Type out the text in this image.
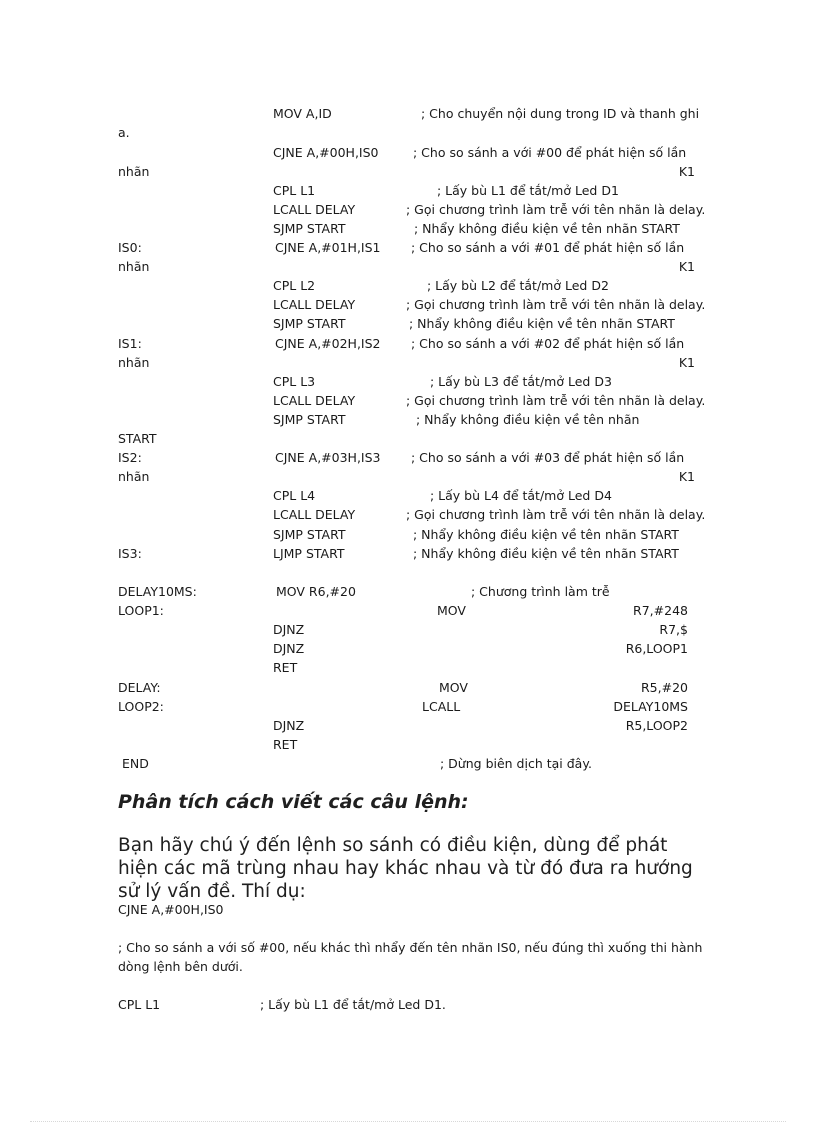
MOV A,ID	; Cho chuyển nội dung trong ID và thanh ghi
a.
CJNE A,#00H,IS0	; Cho so sánh a với #00 để phát hiện số lần
nhãn	K1
CPL L1	; Lấy bù L1 để tắt/mở Led D1
LCALL DELAY	; Gọi chương trình làm trễ với tên nhãn là delay.
SJMP START	; Nhẩy không điều kiện về tên nhãn START
IS0:	CJNE A,#01H,IS1 ; Cho so sánh a với #01 để phát hiện số lần
nhãn	K1
CPL L2	; Lấy bù L2 để tắt/mở Led D2
LCALL DELAY	; Gọi chương trình làm trễ với tên nhãn là delay.
SJMP START	; Nhẩy không điều kiện về tên nhãn START
IS1:	CJNE A,#02H,IS2 ; Cho so sánh a với #02 để phát hiện số lần
nhãn	K1
CPL L3	; Lấy bù L3 để tắt/mở Led D3
LCALL DELAY	; Gọi chương trình làm trễ với tên nhãn là delay.
SJMP START	; Nhẩy không điều kiện về tên nhãn
START
IS2:	CJNE A,#03H,IS3 ; Cho so sánh a với #03 để phát hiện số lần
nhãn	K1
CPL L4	; Lấy bù L4 để tắt/mở Led D4
LCALL DELAY	; Gọi chương trình làm trễ với tên nhãn là delay.
SJMP START	; Nhẩy không điều kiện về tên nhãn START
IS3:	LJMP START	; Nhẩy không điều kiện về tên nhãn START
DELAY10MS:	MOV R6,#20	; Chương trình làm trễ
LOOP1:	MOV	R7,#248
DJNZ	R7,$
DJNZ	R6,LOOP1
RET
DELAY:	MOV	R5,#20
LOOP2:	LCALL	DELAY10MS
DJNZ	R5,LOOP2
RET
END	; Dừng biên dịch tại đây.
Phân tích cách viết các câu lệnh:
Bạn hãy chú ý đến lệnh so sánh có điều kiện, dùng để phát hiện các mã trùng nhau hay khác nhau và từ đó đưa ra hướng sử lý vấn đề. Thí dụ:
CJNE A,#00H,IS0
; Cho so sánh a với số #00, nếu khác thì nhẩy đến tên nhãn IS0, nếu đúng thì xuống thi hành
dòng lệnh bên dưới.
CPL L1	; Lấy bù L1 để tắt/mở Led D1.
